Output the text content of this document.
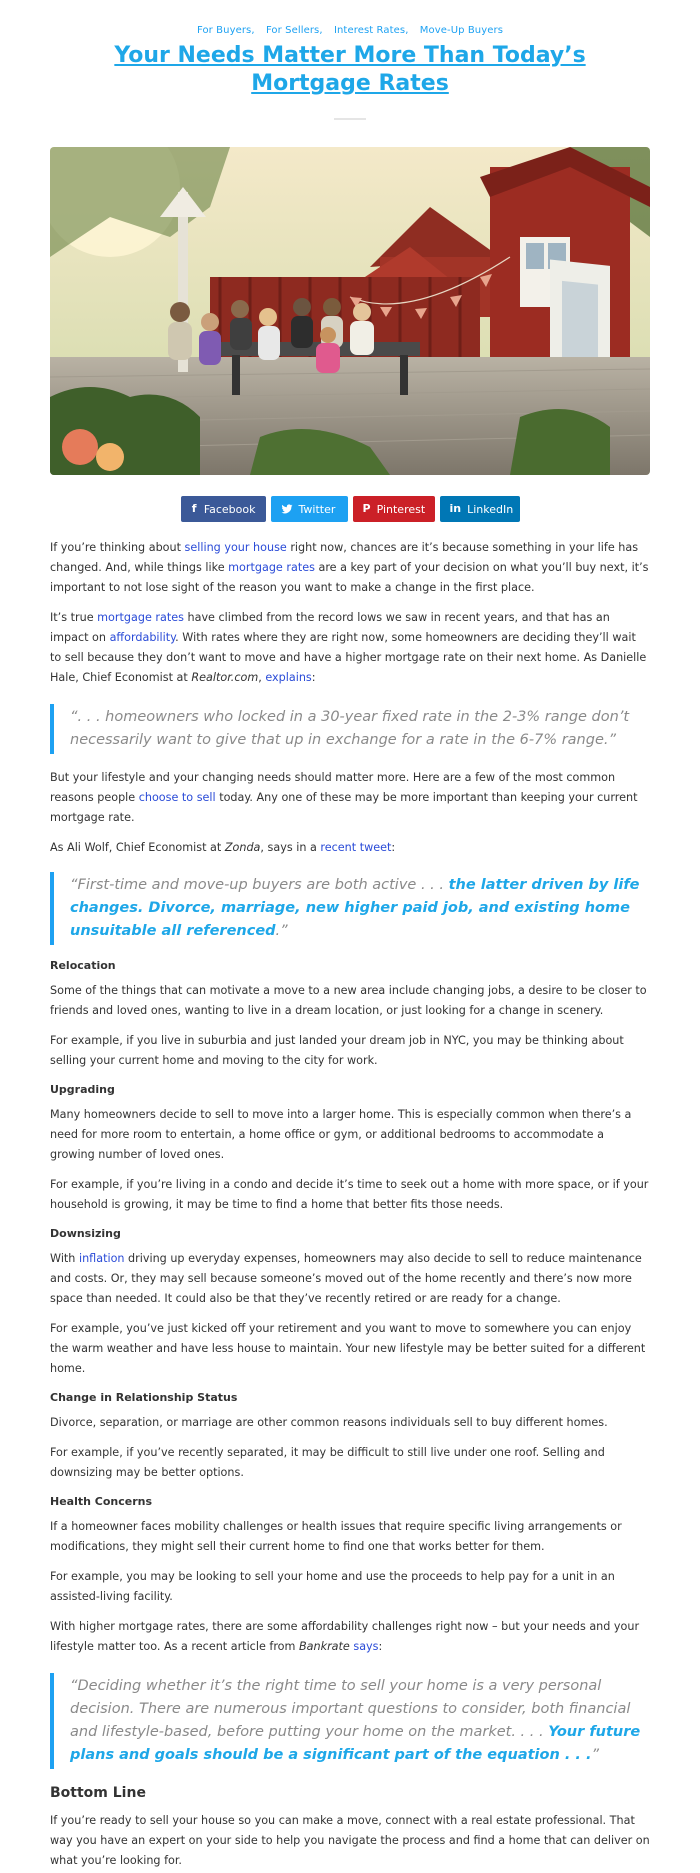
For Buyers, For Sellers, Interest Rates, Move-Up Buyers
Your Needs Matter More Than Today’s Mortgage Rates
f Facebook	Twitter P Pinterest in LinkedIn

If you’re thinking about selling your house right now, chances are it’s because something in your life has changed. And, while things like mortgage rates are a key part of your decision on what you’ll buy next, it’s important to not lose sight of the reason you want to make a change in the first place.

It’s true mortgage rates have climbed from the record lows we saw in recent years, and that has an impact on affordability. With rates where they are right now, some homeowners are deciding they’ll wait to sell because they don’t want to move and have a higher mortgage rate on their next home. As Danielle Hale, Chief Economist at Realtor.com, explains:

“. . . homeowners who locked in a 30-year fixed rate in the 2-3% range don’t necessarily want to give that up in exchange for a rate in the 6-7% range.”

But your lifestyle and your changing needs should matter more. Here are a few of the most common reasons people choose to sell today. Any one of these may be more important than keeping your current mortgage rate.

As Ali Wolf, Chief Economist at Zonda, says in a recent tweet:

“First-time and move-up buyers are both active . . . the latter driven by life changes. Divorce, marriage, new higher paid job, and existing home unsuitable all referenced.”
Relocation

Some of the things that can motivate a move to a new area include changing jobs, a desire to be closer to friends and loved ones, wanting to live in a dream location, or just looking for a change in scenery.

For example, if you live in suburbia and just landed your dream job in NYC, you may be thinking about selling your current home and moving to the city for work.

Upgrading

Many homeowners decide to sell to move into a larger home. This is especially common when there’s a need for more room to entertain, a home office or gym, or additional bedrooms to accommodate a growing number of loved ones.

For example, if you’re living in a condo and decide it’s time to seek out a home with more space, or if your household is growing, it may be time to find a home that better fits those needs.

Downsizing

With inflation driving up everyday expenses, homeowners may also decide to sell to reduce maintenance and costs. Or, they may sell because someone’s moved out of the home recently and there’s now more space than needed. It could also be that they’ve recently retired or are ready for a change.

For example, you’ve just kicked off your retirement and you want to move to somewhere you can enjoy the warm weather and have less house to maintain. Your new lifestyle may be better suited for a different home.

Change in Relationship Status

Divorce, separation, or marriage are other common reasons individuals sell to buy different homes.

For example, if you’ve recently separated, it may be difficult to still live under one roof. Selling and downsizing may be better options.

Health Concerns

If a homeowner faces mobility challenges or health issues that require specific living arrangements or modifications, they might sell their current home to find one that works better for them.

For example, you may be looking to sell your home and use the proceeds to help pay for a unit in an assisted-living facility.

With higher mortgage rates, there are some affordability challenges right now – but your needs and your lifestyle matter too. As a recent article from Bankrate says:

“Deciding whether it’s the right time to sell your home is a very personal decision. There are numerous important questions to consider, both financial and lifestyle-based, before putting your home on the market. . . . Your future plans and goals should be a significant part of the equation . . .”
Bottom Line

If you’re ready to sell your house so you can make a move, connect with a real estate professional. That way you have an expert on your side to help you navigate the process and find a home that can deliver on what you’re looking for.
